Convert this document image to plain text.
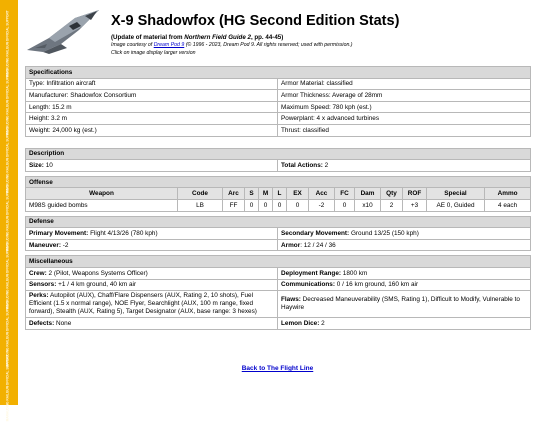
MARAUDING RAILGUN OFFICIAL SUPPORT
MARAUDING RAILGUN OFFICIAL SUPPORT
MARAUDING RAILGUN OFFICIAL SUPPORT
MARAUDING RAILGUN OFFICIAL SUPPORT
MARAUDING RAILGUN OFFICIAL SUPPORT
MARAUDING RAILGUN OFFICIAL SUPPORT
MARAUDING RAILGUN OFFICIAL SUPPORT
X-9 Shadowfox (HG Second Edition Stats)
(Update of material from Northern Field Guide 2, pp. 44-45)
Image courtesy of Dream Pod 9 (© 1996 - 2023, Dream Pod 9. All rights reserved; used with permission.)
Click on image display larger version
Specifications	
Type: Infiltration aircraft	Armor Material: classified
Manufacturer: Shadowfox Consortium	Armor Thickness: Average of 28mm
Length: 15.2 m	Maximum Speed: 780 kph (est.)
Height: 3.2 m	Powerplant: 4 x advanced turbines
Weight: 24,000 kg (est.)	Thrust: classified
Description
Size: 10	Total Actions: 2
Offense													
Weapon	Code	Arc	S	M	L	EX	Acc	FC	Dam	Qty	ROF	Special	Ammo
M98S guided bombs	LB	FF	0	0	0	0	-2	0	x10	2	+3	AE 0, Guided	4 each
Defense	
Primary Movement: Flight 4/13/26 (780 kph)	Secondary Movement: Ground 13/25 (150 kph)
Maneuver: -2	Armor: 12 / 24 / 36
Miscellaneous	
Crew: 2 (Pilot, Weapons Systems Officer)	Deployment Range: 1800 km
Sensors: +1 / 4 km ground, 40 km air	Communications: 0 / 16 km ground, 160 km air
Perks: Autopilot (AUX), Chaff/Flare Dispensers (AUX, Rating 2, 10 shots), Fuel Efficient (1.5 x normal range), NOE Flyer, Searchlight (AUX, 100 m range, fixed forward), Stealth (AUX, Rating 5), Target Designator (AUX, base range: 3 hexes)	Flaws: Decreased Maneuverability (SMS, Rating 1), Difficult to Modify, Vulnerable to Haywire
Defects: None	Lemon Dice: 2
Back to The Flight Line
